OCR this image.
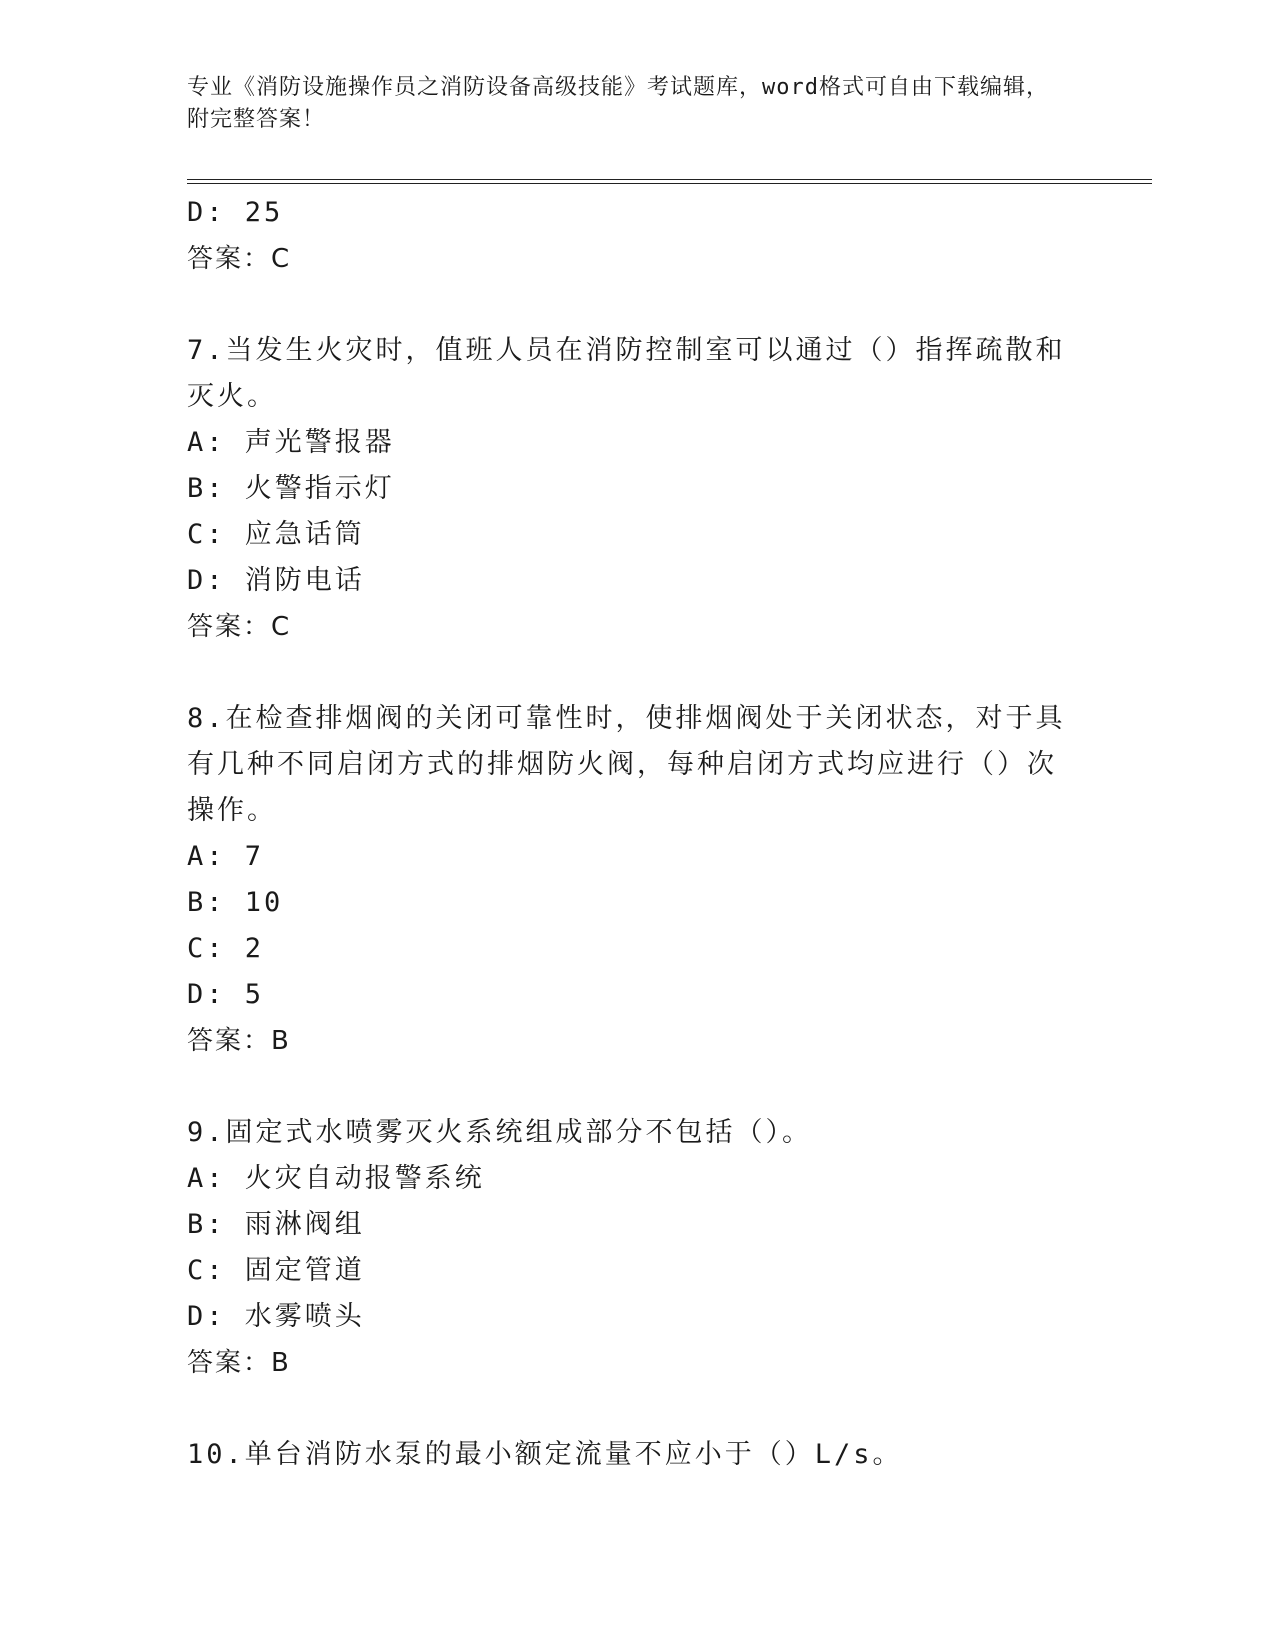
专业《消防设施操作员之消防设备高级技能》考试题库，word格式可自由下载编辑，附完整答案！
D: 25
答案：C
7.当发生火灾时，值班人员在消防控制室可以通过（）指挥疏散和灭火。
A: 声光警报器
B: 火警指示灯
C: 应急话筒
D: 消防电话
答案：C
8.在检查排烟阀的关闭可靠性时，使排烟阀处于关闭状态，对于具有几种不同启闭方式的排烟防火阀，每种启闭方式均应进行（）次操作。
A: 7
B: 10
C: 2
D: 5
答案：B
9.固定式水喷雾灭火系统组成部分不包括（）。
A: 火灾自动报警系统
B: 雨淋阀组
C: 固定管道
D: 水雾喷头
答案：B
10.单台消防水泵的最小额定流量不应小于（）L/s。
